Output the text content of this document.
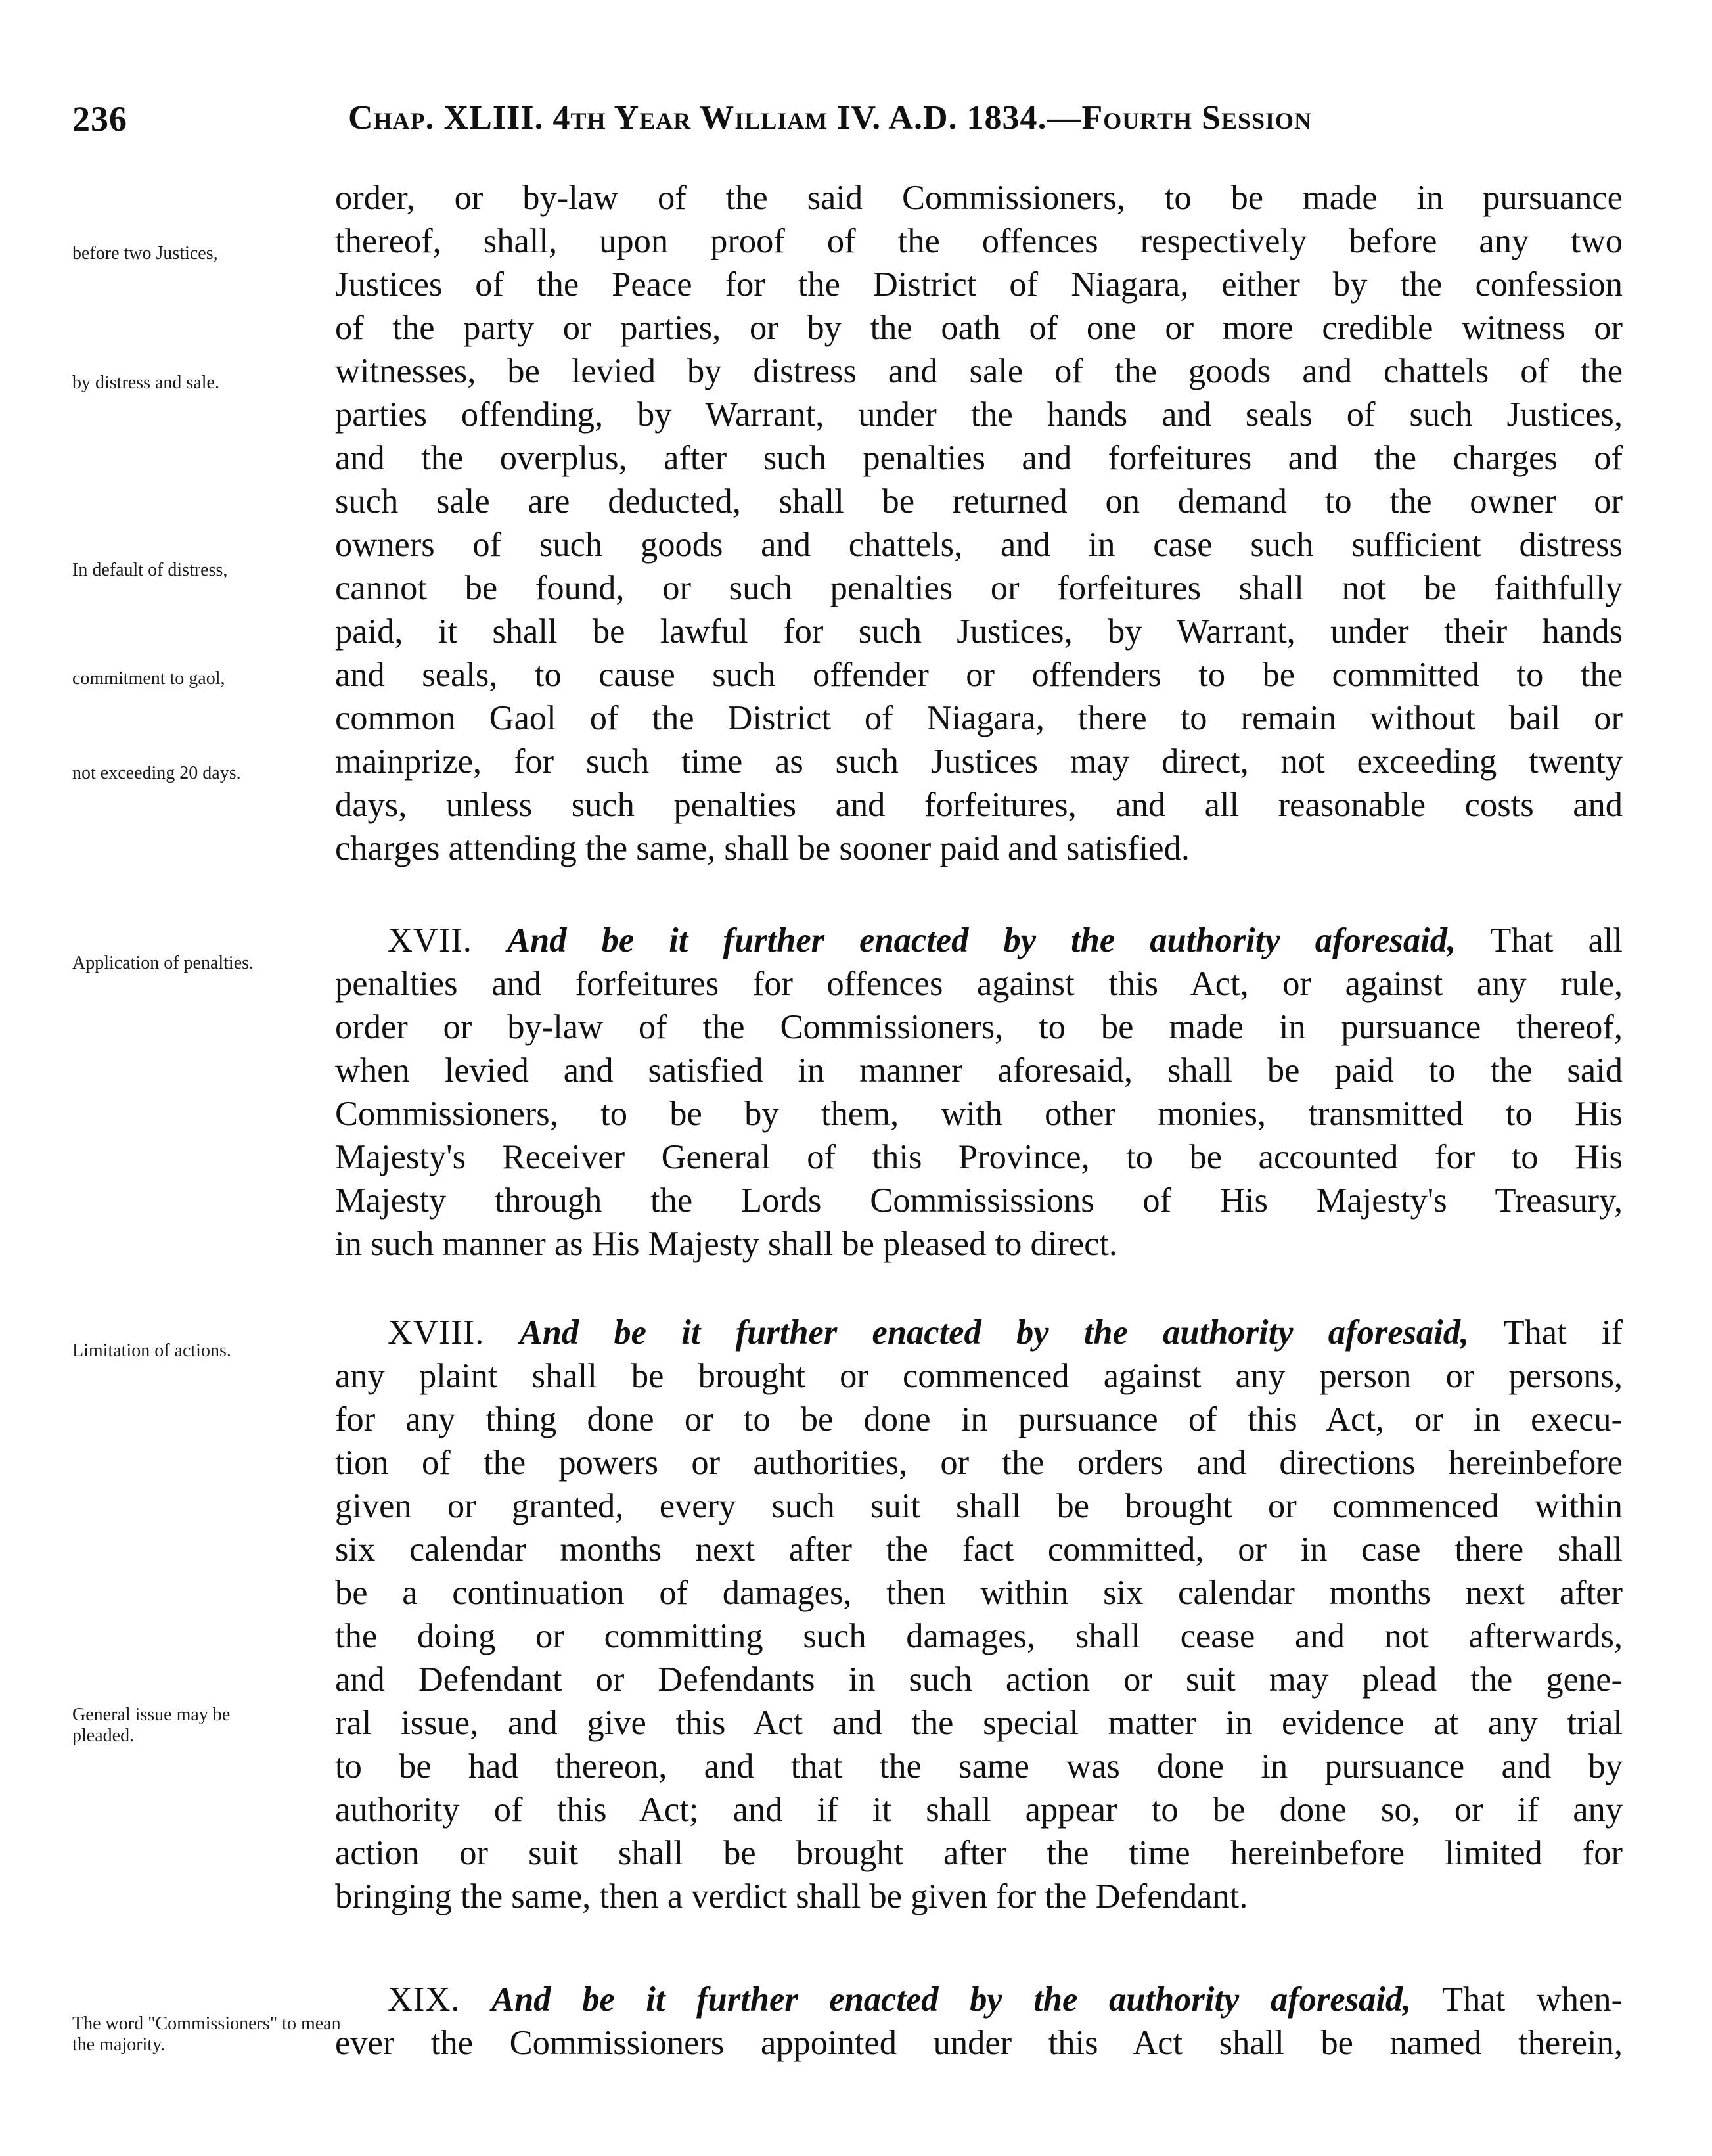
236	Chap. XLIII. 4th Year William IV. A.D. 1834.—Fourth Session
before two Justices,
by distress and sale.
In default of distress,
commitment to gaol,
not exceeding 20 days.
Application of penalties.
Limitation of actions.
General issue may be pleaded.
The word "Commissioners" to mean the majority.
order, or by-law of the said Commissioners, to be made in pursuance
thereof, shall, upon proof of the offences respectively before any two
Justices of the Peace for the District of Niagara, either by the confession
of the party or parties, or by the oath of one or more credible witness or
witnesses, be levied by distress and sale of the goods and chattels of the
parties offending, by Warrant, under the hands and seals of such Justices,
and the overplus, after such penalties and forfeitures and the charges of
such sale are deducted, shall be returned on demand to the owner or
owners of such goods and chattels, and in case such sufficient distress
cannot be found, or such penalties or forfeitures shall not be faithfully
paid, it shall be lawful for such Justices, by Warrant, under their hands
and seals, to cause such offender or offenders to be committed to the
common Gaol of the District of Niagara, there to remain without bail or
mainprize, for such time as such Justices may direct, not exceeding twenty
days, unless such penalties and forfeitures, and all reasonable costs and
charges attending the same, shall be sooner paid and satisfied.
XVII. And be it further enacted by the authority aforesaid, That all
penalties and forfeitures for offences against this Act, or against any rule,
order or by-law of the Commissioners, to be made in pursuance thereof,
when levied and satisfied in manner aforesaid, shall be paid to the said
Commissioners, to be by them, with other monies, transmitted to His
Majesty's Receiver General of this Province, to be accounted for to His
Majesty through the Lords Commississions of His Majesty's Treasury,
in such manner as His Majesty shall be pleased to direct.
XVIII. And be it further enacted by the authority aforesaid, That if
any plaint shall be brought or commenced against any person or persons,
for any thing done or to be done in pursuance of this Act, or in execu-
tion of the powers or authorities, or the orders and directions hereinbefore
given or granted, every such suit shall be brought or commenced within
six calendar months next after the fact committed, or in case there shall
be a continuation of damages, then within six calendar months next after
the doing or committing such damages, shall cease and not afterwards,
and Defendant or Defendants in such action or suit may plead the gene-
ral issue, and give this Act and the special matter in evidence at any trial
to be had thereon, and that the same was done in pursuance and by
authority of this Act; and if it shall appear to be done so, or if any
action or suit shall be brought after the time hereinbefore limited for
bringing the same, then a verdict shall be given for the Defendant.
XIX. And be it further enacted by the authority aforesaid, That when-
ever the Commissioners appointed under this Act shall be named therein,
